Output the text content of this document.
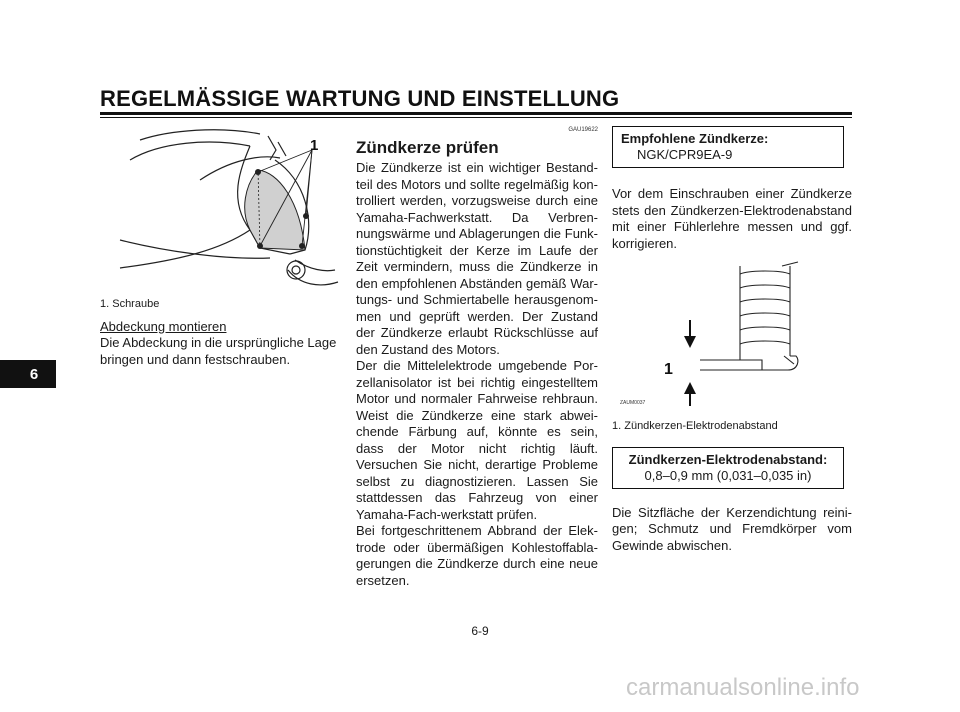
REGELMÄSSIGE WARTUNG UND EINSTELLUNG
6
1

1. Schraube

Abdeckung montieren

Die Abdeckung in die ursprüngliche Lage bringen und dann festschrauben.

GAU19622
Zündkerze prüfen

Die Zündkerze ist ein wichtiger Bestand-teil des Motors und sollte regelmäßig kon-trolliert werden, vorzugsweise durch eine Yamaha-Fachwerkstatt. Da Verbren-nungswärme und Ablagerungen die Funk-tionstüchtigkeit der Kerze im Laufe der Zeit vermindern, muss die Zündkerze in den empfohlenen Abständen gemäß War-tungs- und Schmiertabelle herausgenom-men und geprüft werden. Der Zustand der Zündkerze erlaubt Rückschlüsse auf den Zustand des Motors.

Der die Mittelelektrode umgebende Por-zellanisolator ist bei richtig eingestelltem Motor und normaler Fahrweise rehbraun. Weist die Zündkerze eine stark abwei-chende Färbung auf, könnte es sein, dass der Motor nicht richtig läuft. Versuchen Sie nicht, derartige Probleme selbst zu diagnostizieren. Lassen Sie stattdessen das Fahrzeug von einer Yamaha-Fach-werkstatt prüfen.

Bei fortgeschrittenem Abbrand der Elek-trode oder übermäßigen Kohlestoffabla-gerungen die Zündkerze durch eine neue ersetzen.

Empfohlene Zündkerze:
NGK/CPR9EA-9

Vor dem Einschrauben einer Zündkerze stets den Zündkerzen-Elektrodenabstand mit einer Fühlerlehre messen und ggf. korrigieren.

1
ZAUM0037

1. Zündkerzen-Elektrodenabstand

Zündkerzen-Elektrodenabstand:
0,8–0,9 mm (0,031–0,035 in)

Die Sitzfläche der Kerzendichtung reini-gen; Schmutz und Fremdkörper vom Gewinde abwischen.

6-9
carmanualsonline.info
